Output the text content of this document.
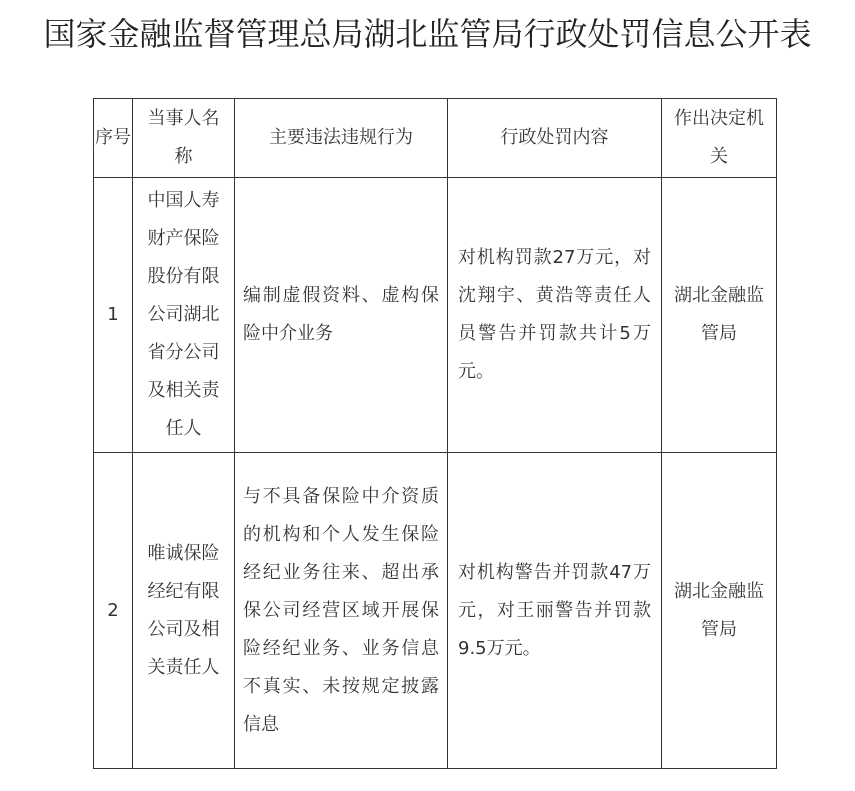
国家金融监督管理总局湖北监管局行政处罚信息公开表
序号	当事人名称	主要违法违规行为	行政处罚内容	作出决定机关

1	中国人寿财产保险股份有限公司湖北省分公司及相关责任人	编制虚假资料、虚构保险中介业务	对机构罚款27万元，对沈翔宇、黄浩等责任人员警告并罚款共计5万元。	湖北金融监管局

2	唯诚保险经纪有限公司及相关责任人	与不具备保险中介资质的机构和个人发生保险经纪业务往来、超出承保公司经营区域开展保险经纪业务、业务信息不真实、未按规定披露信息	对机构警告并罚款47万元，对王丽警告并罚款9.5万元。	湖北金融监管局
